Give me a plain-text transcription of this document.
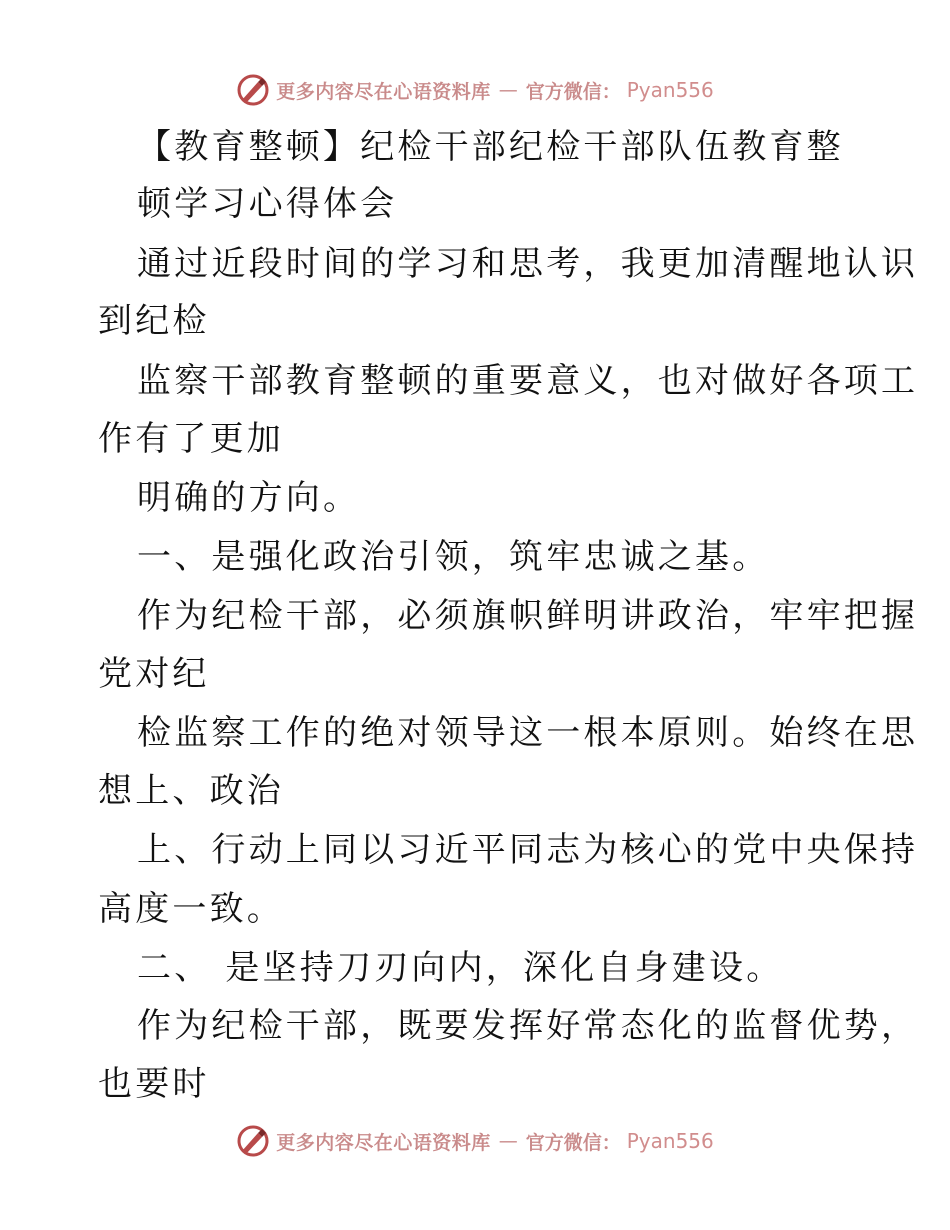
更多内容尽在心语资料库 — 官方微信： Pyan556
【教育整顿】纪检干部纪检干部队伍教育整
顿学习心得体会
通过近段时间的学习和思考，我更加清醒地认识
到纪检
监察干部教育整顿的重要意义，也对做好各项工
作有了更加
明确的方向。
一、是强化政治引领，筑牢忠诚之基。
作为纪检干部，必须旗帜鲜明讲政治，牢牢把握
党对纪
检监察工作的绝对领导这一根本原则。始终在思
想上、政治
上、行动上同以习近平同志为核心的党中央保持
高度一致。
二、 是坚持刀刃向内，深化自身建设。
作为纪检干部，既要发挥好常态化的监督优势，
也要时
更多内容尽在心语资料库 — 官方微信： Pyan556
